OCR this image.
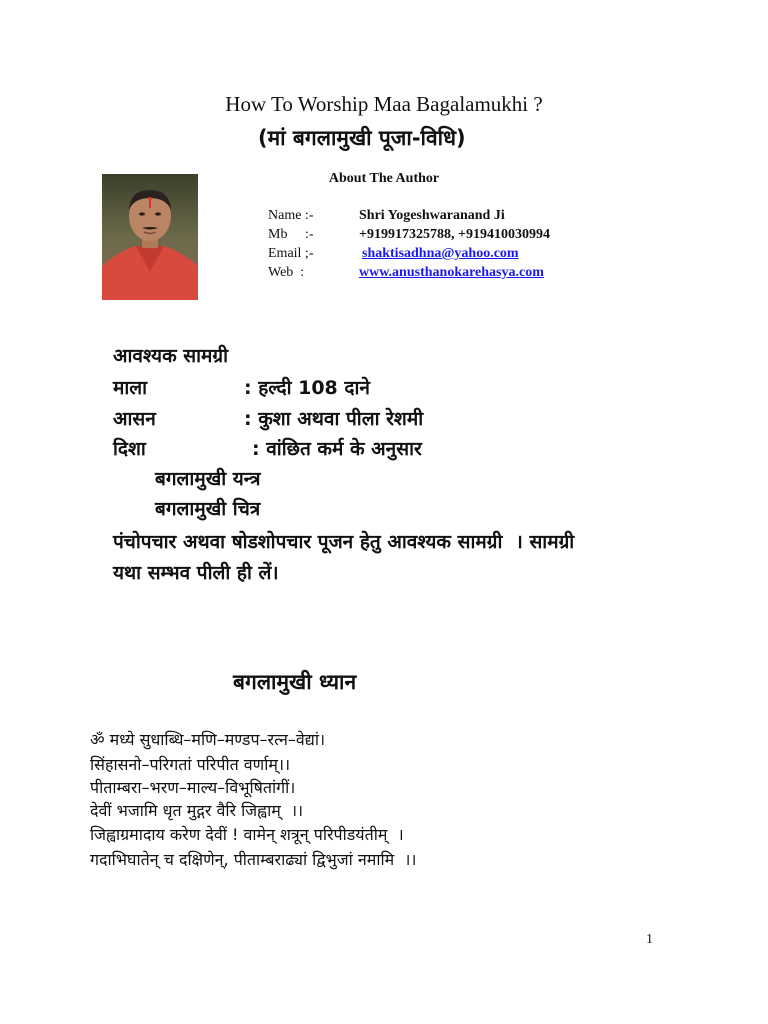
How To Worship Maa Bagalamukhi ?
(मां बगलामुखी पूजा-विधि)
About The Author
Name :-	Shri Yogeshwaranand Ji
Mb     :-	+919917325788, +919410030994
Email ;-	shaktisadhna@yahoo.com
Web  :	www.anusthanokarehasya.com
आवश्यक सामग्री
माला	: हल्दी 108 दाने
आसन	: कुशा अथवा पीला रेशमी
दिशा	: वांछित कर्म के अनुसार
बगलामुखी यन्त्र
बगलामुखी चित्र
पंचोपचार अथवा षोडशोपचार पूजन हेतु आवश्यक सामग्री  । सामग्री
यथा सम्भव पीली ही लें।
बगलामुखी ध्यान
ॐ मध्ये सुधाब्धि–मणि–मण्डप–रत्न–वेद्यां।
सिंहासनो–परिगतां परिपीत वर्णाम्।।
पीताम्बरा–भरण–माल्य–विभूषितांगीं।
देवीं भजामि धृत मुद्गर वैरि जिह्वाम्  ।।
जिह्वाग्रमादाय करेण देवीं ! वामेन् शत्रून् परिपीडयंतीम्  ।
गदाभिघातेन् च दक्षिणेन्, पीताम्बराढ्यां द्विभुजां नमामि  ।।
1
